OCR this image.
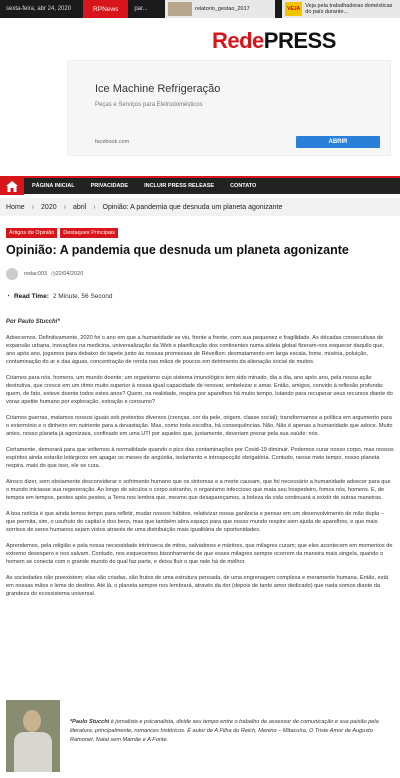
sexta-feira, abr 24, 2020	RPNews	par...	relatorio_gestao_2017	VEJA Veja pela trabalhadoras domésticas do país durante...
RedePRESS
Ice Machine Refrigeração
Peças e Serviços para Eletrodomésticos
facebook.com	ABRIR
PÁGINA INICIAL	PRIVACIDADE	INCLUIR PRESS RELEASE	CONTATO
Home › 2020 › abril › Opinião: A pandemia que desnuda um planeta agonizante
Artigos de Opinião	Destaques Principais
Opinião: A pandemia que desnuda um planeta agonizante
redac003 ◷ 22/04/2020
◔ Read Time: 2 Minute, 56 Second
Por Paulo Stucchi*

Adoecemos. Definitivamente, 2020 foi o ano em que a humanidade se viu, frente a frente, com sua pequenez e fragilidade. As décadas consecutivas de expansão urbana, inovações na medicina, universalização da Web e planificação dos continentes numa aldeia global fizeram-nos esquecer daquilo que, ano após ano, jogamos para debaixo do tapete junto às nossas promessas de Réveillon: desmatamento em larga escala, fome, miséria, poluição, contaminação do ar e das águas, concentração de renda nas mãos de poucos em detrimento da alienação social de muitos.

Criamos para nós, homens, um mundo doente; um organismo cujo sistema imunológico tem sido minado, dia a dia, ano após ano, pela nossa ação destrutiva, que cresce em um ritmo muito superior à nossa igual capacidade de renovar, embelezar e amar. Então, amigos, convido à reflexão profunda: quem, de fato, esteve doente todos estes anos? Quem, na realidade, respira por aparelhos há muito tempo, lutando para recuperar seus recursos diante do voraz apetite humano por exploração, extração e consumo?

Criamos guerras, matamos nossos iguais sob pretextos diversos (crenças, cor da pele, origem, classe social); transformamos a política em argumento para o extermínio e o dinheiro em nutriente para a devastação. Mas, como toda escolha, há consequências. Não, Não é apenas a humanidade que adoce. Muito antes, nosso planeta já agonizava, confinado em uma UTI por aqueles que, justamente, deveriam prezar pela sua saúde: nós.

Certamente, demorará para que voltemos à normalidade quando o pico das contaminações por Covid-19 diminuir. Podemos curar nosso corpo, mas nossos espíritos ainda estarão letárgicos em apagar os meses de angústia, isolamento e introspecção obrigatória. Contudo, nesse meio tempo, nosso planeta respira, mais do que isso, ele se cura.

Ainsco dizer, sem obviamente desconsiderar o sofrimento humano que os sintomas e a morte causam, que foi necessário a humanidade adoecer para que o mundo iniciasse sua regeneração. Ao longo de séculos o corpo estranho, o organismo infeccioso que mata seu hospedeiro, fomos nós, homens. E, de tempos em tempos, pestes após pestes, a Terra nos lembra que, mesmo que desapareçamos, a beleza da vida continuará a existir de outras maneiras.

A boa notícia é que ainda temos tempo para refletir, mudar nossos hábitos, relativizar nossa ganância e pensar em um desenvolvimento de mão dupla – que permita, sim, o usufruto do capital e dos bens, mas que também abra espaço para que nosso mundo respire sem ajuda de aparelhos, e que mais sorrisos de seres humanos sejam vistos através de uma distribuição mais igualitária de oportunidades.

Aprendemos, pela religião e pela nossa necessidade intrínseca de mitos, salvadores e mártires, que milagres curam; que eles acontecem em momentos de extremo desespero e nos salvam. Contudo, nos esquecemos bisonhamente de que esses milagres sempre ocorrem da maneira mais singela, quando o homem se conecta com o grande mundo do qual faz parte, e deixa fluir o que nele há de melhor.

As sociedades não preexistem; elas são criadas, são frutos de uma estrutura pensada, de uma engrenagem complexa e meramente humana. Então, está em nossas mãos o leme do destino. Até lá, o planeta sempre nos lembrará, através da dor (depois de tanto amor dedicado) que nada somos diante da grandeza do ecossistema universal.

*Paulo Stucchi é jornalista e psicanalista, divide seu tempo entre o trabalho de assessor de comunicação e sua paixão pela literatura, principalmente, romances históricos. É autor de A Filha do Reich, Menino – Mitacuíra, O Triste Amor de Augusto Ramonet, Natal sem Mamãe e A Fonte.
